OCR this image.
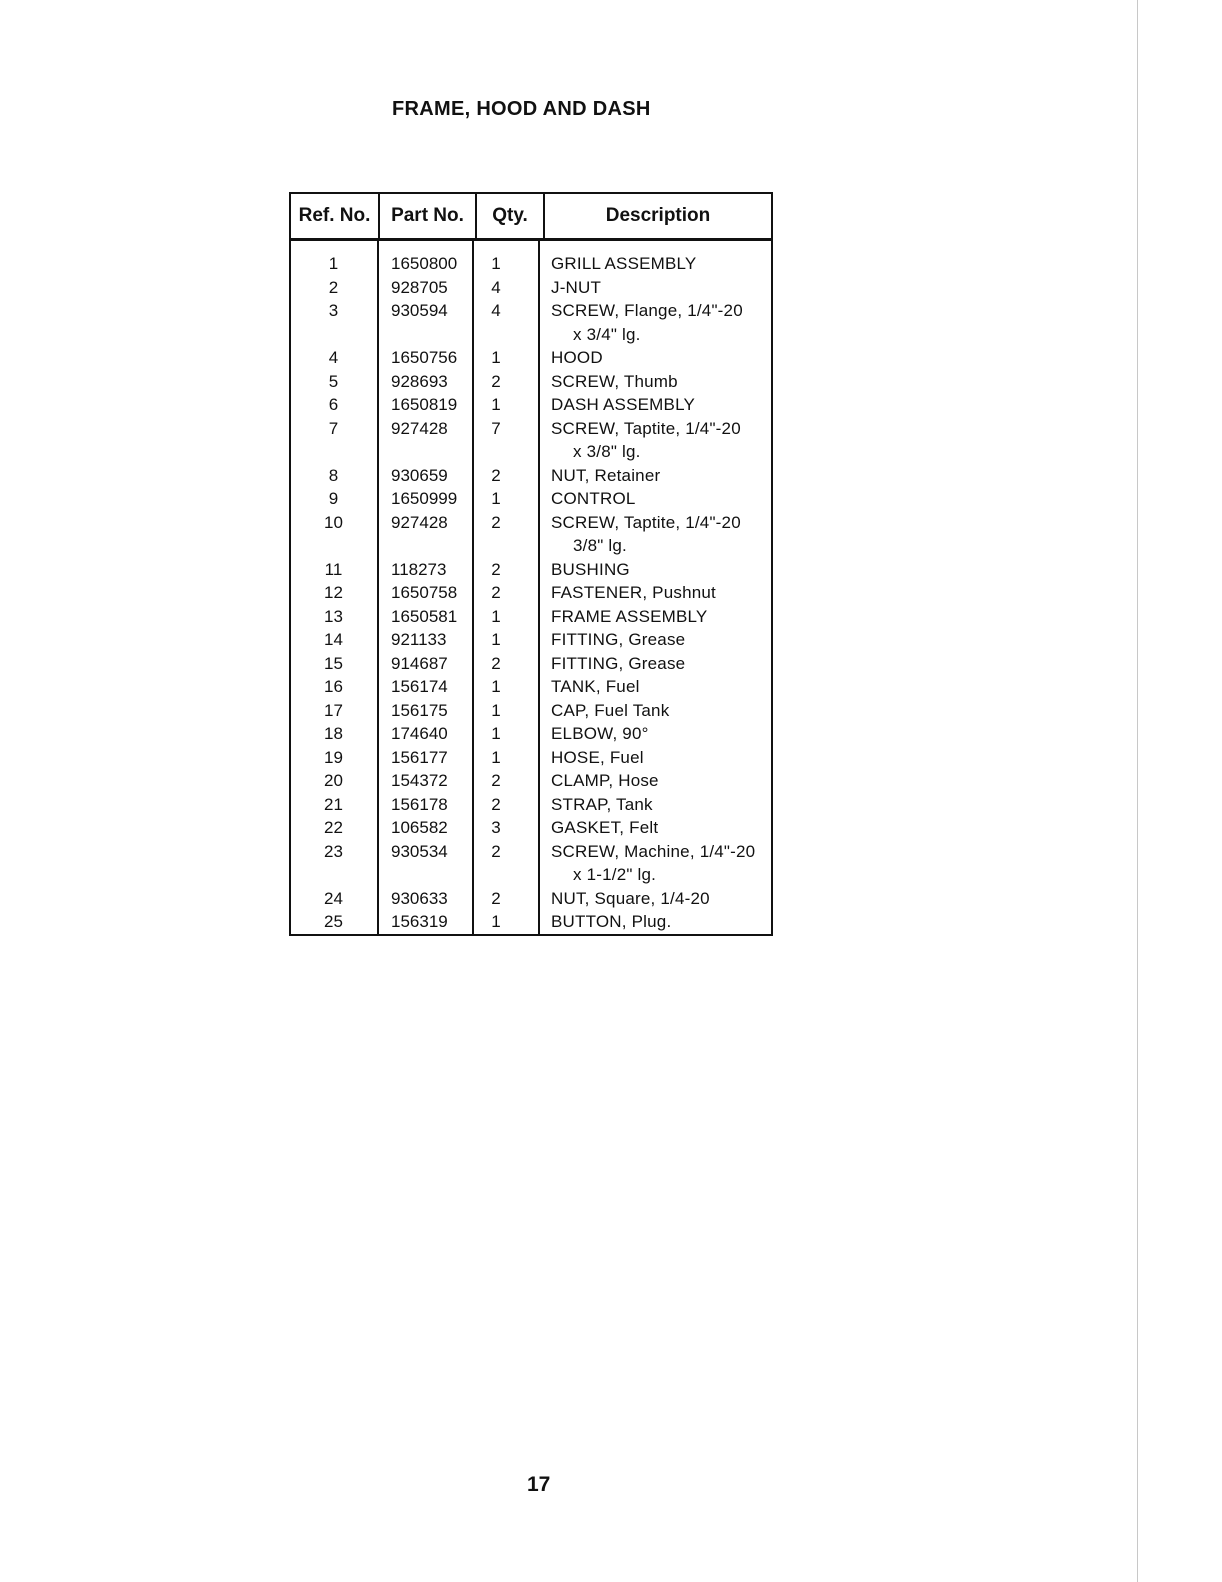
FRAME, HOOD AND DASH
Ref. No.	Part No.	Qty.	Description
1	1650800	1	GRILL ASSEMBLY
2	928705	4	J-NUT
3	930594	4	SCREW, Flange, 1/4"-20
x 3/4" lg.
4	1650756	1	HOOD
5	928693	2	SCREW, Thumb
6	1650819	1	DASH ASSEMBLY
7	927428	7	SCREW, Taptite, 1/4"-20
x 3/8" lg.
8	930659	2	NUT, Retainer
9	1650999	1	CONTROL
10	927428	2	SCREW, Taptite, 1/4"-20
3/8" lg.
11	118273	2	BUSHING
12	1650758	2	FASTENER, Pushnut
13	1650581	1	FRAME ASSEMBLY
14	921133	1	FITTING, Grease
15	914687	2	FITTING, Grease
16	156174	1	TANK, Fuel
17	156175	1	CAP, Fuel Tank
18	174640	1	ELBOW, 90°
19	156177	1	HOSE, Fuel
20	154372	2	CLAMP, Hose
21	156178	2	STRAP, Tank
22	106582	3	GASKET, Felt
23	930534	2	SCREW, Machine, 1/4"-20
x 1-1/2" lg.
24	930633	2	NUT, Square, 1/4-20
25	156319	1	BUTTON, Plug.
17
